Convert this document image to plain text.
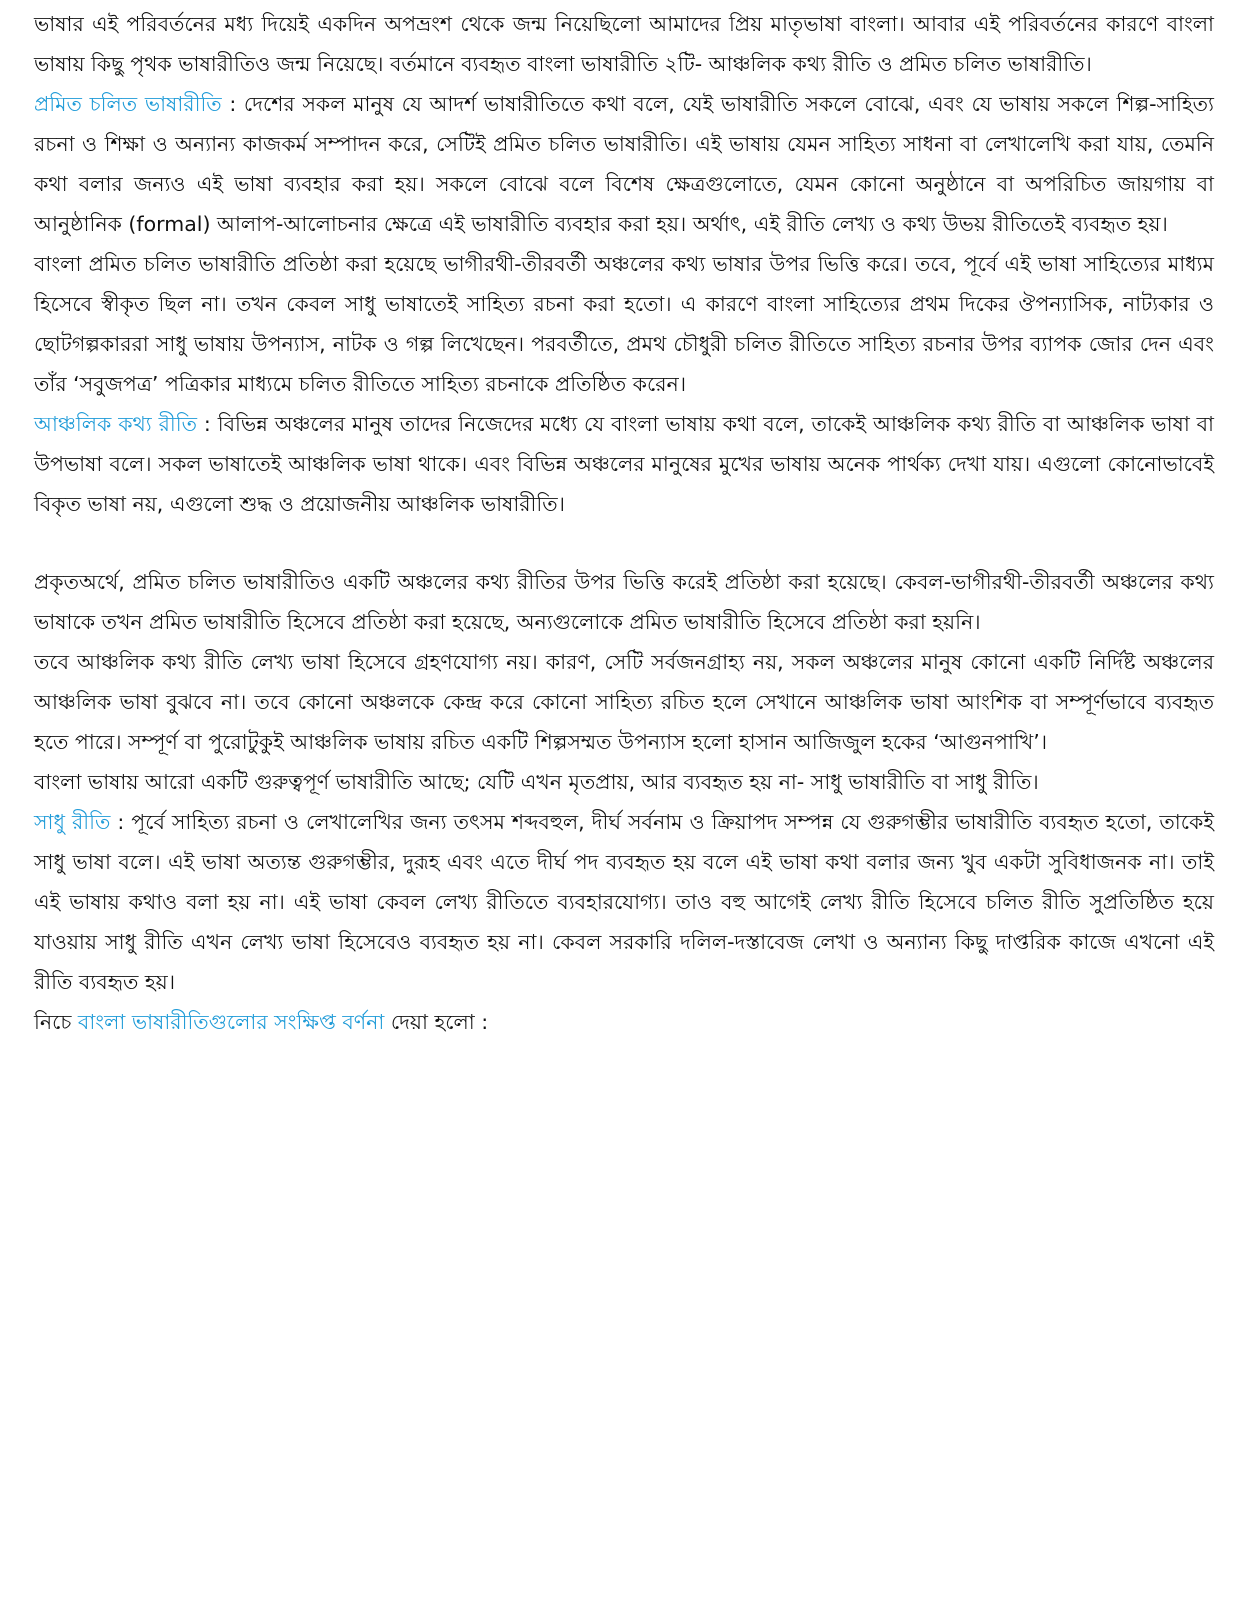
ভাষার এই পরিবর্তনের মধ্য দিয়েই একদিন অপভ্রংশ থেকে জন্ম নিয়েছিলো আমাদের প্রিয় মাতৃভাষা বাংলা। আবার এই পরিবর্তনের কারণে বাংলা ভাষায় কিছু পৃথক ভাষারীতিও জন্ম নিয়েছে। বর্তমানে ব্যবহৃত বাংলা ভাষারীতি ২টি- আঞ্চলিক কথ্য রীতি ও প্রমিত চলিত ভাষারীতি।

প্রমিত চলিত ভাষারীতি : দেশের সকল মানুষ যে আদর্শ ভাষারীতিতে কথা বলে, যেই ভাষারীতি সকলে বোঝে, এবং যে ভাষায় সকলে শিল্প-সাহিত্য রচনা ও শিক্ষা ও অন্যান্য কাজকর্ম সম্পাদন করে, সেটিই প্রমিত চলিত ভাষারীতি। এই ভাষায় যেমন সাহিত্য সাধনা বা লেখালেখি করা যায়, তেমনি কথা বলার জন্যও এই ভাষা ব্যবহার করা হয়। সকলে বোঝে বলে বিশেষ ক্ষেত্রগুলোতে, যেমন কোনো অনুষ্ঠানে বা অপরিচিত জায়গায় বা আনুষ্ঠানিক (formal) আলাপ-আলোচনার ক্ষেত্রে এই ভাষারীতি ব্যবহার করা হয়। অর্থাৎ, এই রীতি লেখ্য ও কথ্য উভয় রীতিতেই ব্যবহৃত হয়।

বাংলা প্রমিত চলিত ভাষারীতি প্রতিষ্ঠা করা হয়েছে ভাগীরথী-তীরবর্তী অঞ্চলের কথ্য ভাষার উপর ভিত্তি করে। তবে, পূর্বে এই ভাষা সাহিত্যের মাধ্যম হিসেবে স্বীকৃত ছিল না। তখন কেবল সাধু ভাষাতেই সাহিত্য রচনা করা হতো। এ কারণে বাংলা সাহিত্যের প্রথম দিকের ঔপন্যাসিক, নাট্যকার ও ছোটগল্পকাররা সাধু ভাষায় উপন্যাস, নাটক ও গল্প লিখেছেন। পরবর্তীতে, প্রমথ চৌধুরী চলিত রীতিতে সাহিত্য রচনার উপর ব্যাপক জোর দেন এবং তাঁর ‘সবুজপত্র’ পত্রিকার মাধ্যমে চলিত রীতিতে সাহিত্য রচনাকে প্রতিষ্ঠিত করেন।

আঞ্চলিক কথ্য রীতি : বিভিন্ন অঞ্চলের মানুষ তাদের নিজেদের মধ্যে যে বাংলা ভাষায় কথা বলে, তাকেই আঞ্চলিক কথ্য রীতি বা আঞ্চলিক ভাষা বা উপভাষা বলে। সকল ভাষাতেই আঞ্চলিক ভাষা থাকে। এবং বিভিন্ন অঞ্চলের মানুষের মুখের ভাষায় অনেক পার্থক্য দেখা যায়। এগুলো কোনোভাবেই বিকৃত ভাষা নয়, এগুলো শুদ্ধ ও প্রয়োজনীয় আঞ্চলিক ভাষারীতি।

প্রকৃতঅর্থে, প্রমিত চলিত ভাষারীতিও একটি অঞ্চলের কথ্য রীতির উপর ভিত্তি করেই প্রতিষ্ঠা করা হয়েছে। কেবল-ভাগীরথী-তীরবর্তী অঞ্চলের কথ্য ভাষাকে তখন প্রমিত ভাষারীতি হিসেবে প্রতিষ্ঠা করা হয়েছে, অন্যগুলোকে প্রমিত ভাষারীতি হিসেবে প্রতিষ্ঠা করা হয়নি।

তবে আঞ্চলিক কথ্য রীতি লেখ্য ভাষা হিসেবে গ্রহণযোগ্য নয়। কারণ, সেটি সর্বজনগ্রাহ্য নয়, সকল অঞ্চলের মানুষ কোনো একটি নির্দিষ্ট অঞ্চলের আঞ্চলিক ভাষা বুঝবে না। তবে কোনো অঞ্চলকে কেন্দ্র করে কোনো সাহিত্য রচিত হলে সেখানে আঞ্চলিক ভাষা আংশিক বা সম্পূর্ণভাবে ব্যবহৃত হতে পারে। সম্পূর্ণ বা পুরোটুকুই আঞ্চলিক ভাষায় রচিত একটি শিল্পসম্মত উপন্যাস হলো হাসান আজিজুল হকের ‘আগুনপাখি’।

বাংলা ভাষায় আরো একটি গুরুত্বপূর্ণ ভাষারীতি আছে; যেটি এখন মৃতপ্রায়, আর ব্যবহৃত হয় না- সাধু ভাষারীতি বা সাধু রীতি।

সাধু রীতি : পূর্বে সাহিত্য রচনা ও লেখালেখির জন্য তৎসম শব্দবহুল, দীর্ঘ সর্বনাম ও ক্রিয়াপদ সম্পন্ন যে গুরুগম্ভীর ভাষারীতি ব্যবহৃত হতো, তাকেই সাধু ভাষা বলে। এই ভাষা অত্যন্ত গুরুগম্ভীর, দুরূহ এবং এতে দীর্ঘ পদ ব্যবহৃত হয় বলে এই ভাষা কথা বলার জন্য খুব একটা সুবিধাজনক না। তাই এই ভাষায় কথাও বলা হয় না। এই ভাষা কেবল লেখ্য রীতিতে ব্যবহারযোগ্য। তাও বহু আগেই লেখ্য রীতি হিসেবে চলিত রীতি সুপ্রতিষ্ঠিত হয়ে যাওয়ায় সাধু রীতি এখন লেখ্য ভাষা হিসেবেও ব্যবহৃত হয় না। কেবল সরকারি দলিল-দস্তাবেজ লেখা ও অন্যান্য কিছু দাপ্তরিক কাজে এখনো এই রীতি ব্যবহৃত হয়।

নিচে বাংলা ভাষারীতিগুলোর সংক্ষিপ্ত বর্ণনা দেয়া হলো :
